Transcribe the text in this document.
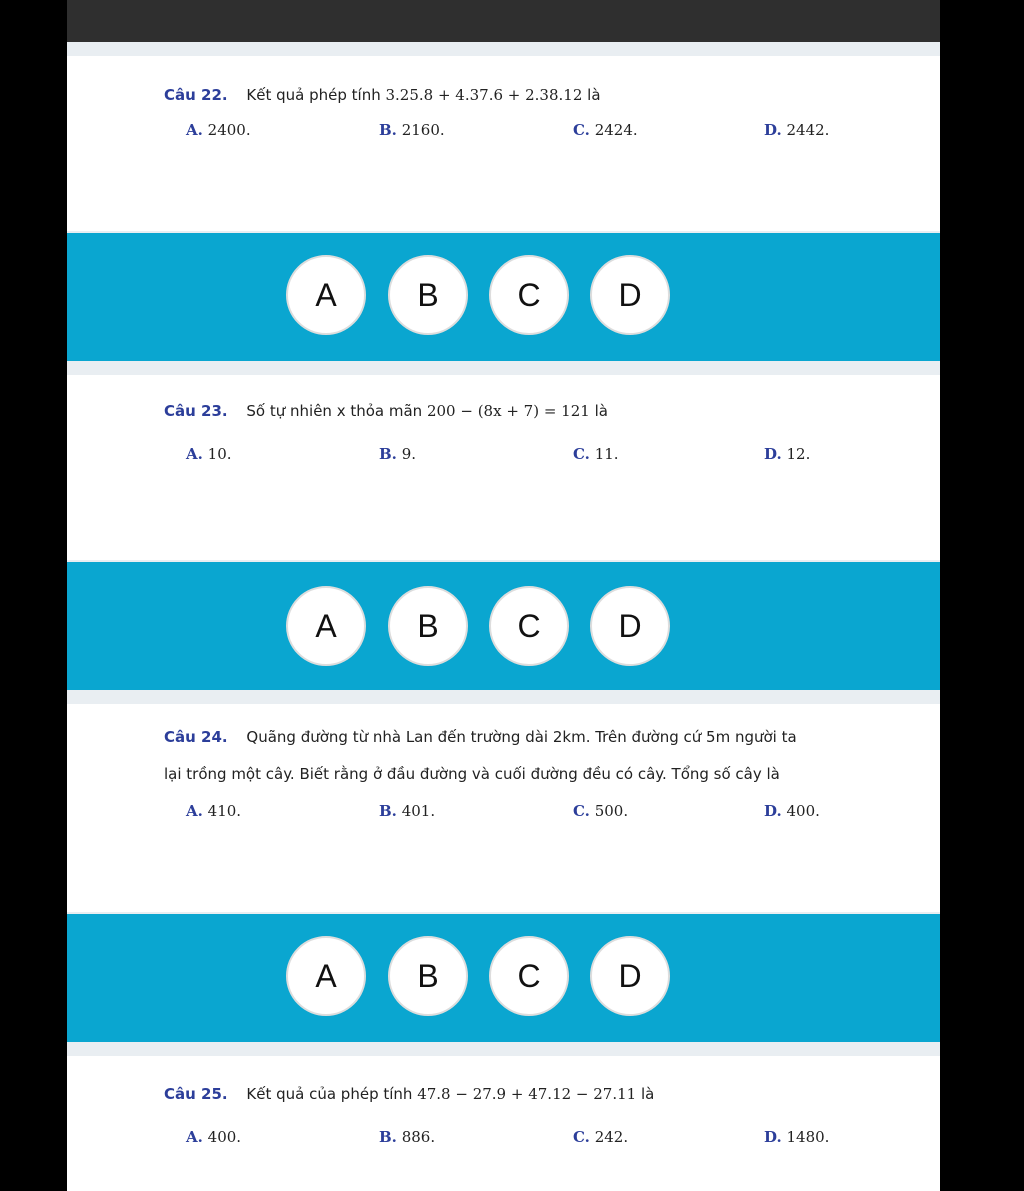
Câu 22. Kết quả phép tính 3.25.8 + 4.37.6 + 2.38.12 là
A. 2400.	B. 2160.	C. 2424.	D. 2442.
A	B	C	D
Câu 23. Số tự nhiên x thỏa mãn 200 − (8x + 7) = 121 là
A. 10.	B. 9.	C. 11.	D. 12.
A	B	C	D
Câu 24. Quãng đường từ nhà Lan đến trường dài 2km. Trên đường cứ 5m người ta
lại trồng một cây. Biết rằng ở đầu đường và cuối đường đều có cây. Tổng số cây là
A. 410.	B. 401.	C. 500.	D. 400.
A	B	C	D
Câu 25. Kết quả của phép tính 47.8 − 27.9 + 47.12 − 27.11 là
A. 400.	B. 886.	C. 242.	D. 1480.
